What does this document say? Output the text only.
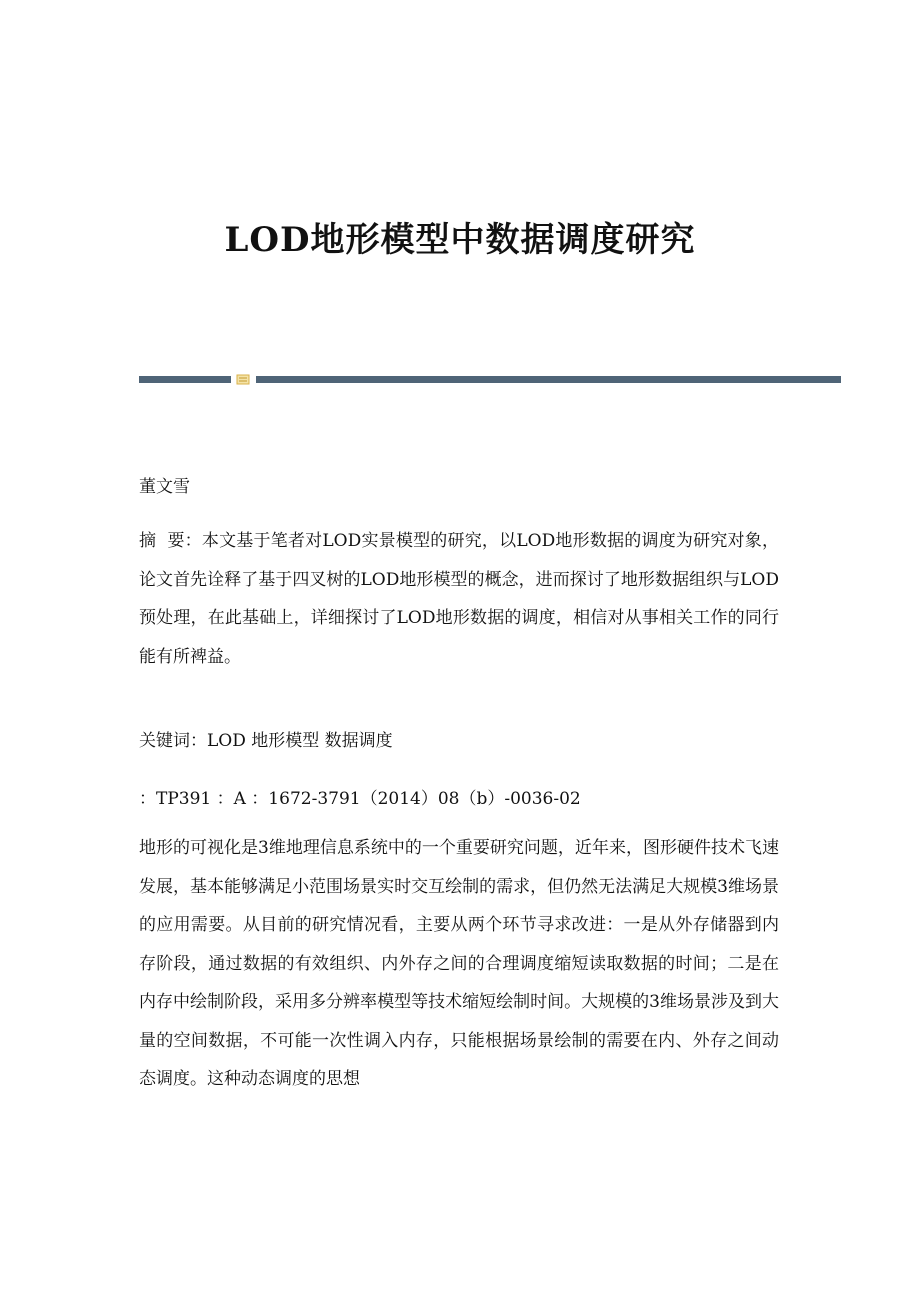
LOD地形模型中数据调度研究
董文雪
摘  要：本文基于笔者对LOD实景模型的研究，以LOD地形数据的调度为研究对象，论文首先诠释了基于四叉树的LOD地形模型的概念，进而探讨了地形数据组织与LOD预处理，在此基础上，详细探讨了LOD地形数据的调度，相信对从事相关工作的同行能有所裨益。
关键词：LOD 地形模型 数据调度
：TP391 ：A ：1672-3791（2014）08（b）-0036-02
地形的可视化是3维地理信息系统中的一个重要研究问题，近年来，图形硬件技术飞速发展，基本能够满足小范围场景实时交互绘制的需求，但仍然无法满足大规模3维场景的应用需要。从目前的研究情况看，主要从两个环节寻求改进：一是从外存储器到内存阶段，通过数据的有效组织、内外存之间的合理调度缩短读取数据的时间；二是在内存中绘制阶段，采用多分辨率模型等技术缩短绘制时间。大规模的3维场景涉及到大量的空间数据，不可能一次性调入内存，只能根据场景绘制的需要在内、外存之间动态调度。这种动态调度的思想
